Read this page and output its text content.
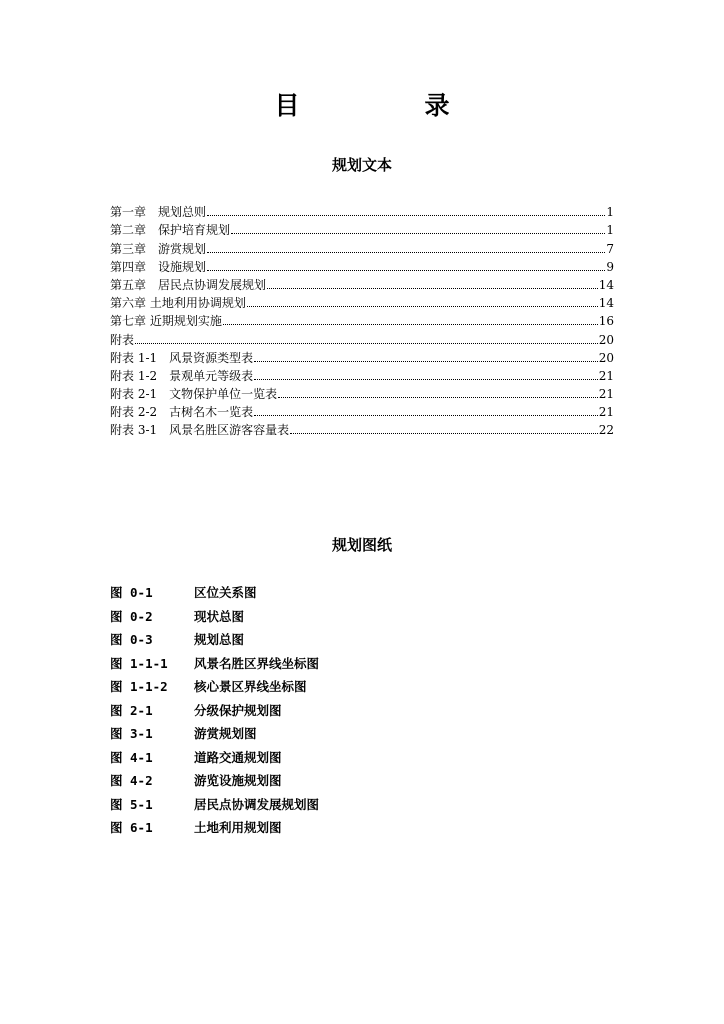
目　录
规划文本
第一章　规划总则	1
第二章　保护培育规划	1
第三章　游赏规划	7
第四章　设施规划	9
第五章　居民点协调发展规划	14
第六章 土地利用协调规划	14
第七章 近期规划实施	16
附表	20
附表 1-1　风景资源类型表	20
附表 1-2　景观单元等级表	21
附表 2-1　文物保护单位一览表	21
附表 2-2　古树名木一览表	21
附表 3-1　风景名胜区游客容量表	22
规划图纸
图 0-1	区位关系图
图 0-2	现状总图
图 0-3	规划总图
图 1-1-1	风景名胜区界线坐标图
图 1-1-2	核心景区界线坐标图
图 2-1	分级保护规划图
图 3-1	游赏规划图
图 4-1	道路交通规划图
图 4-2	游览设施规划图
图 5-1	居民点协调发展规划图
图 6-1	土地利用规划图
